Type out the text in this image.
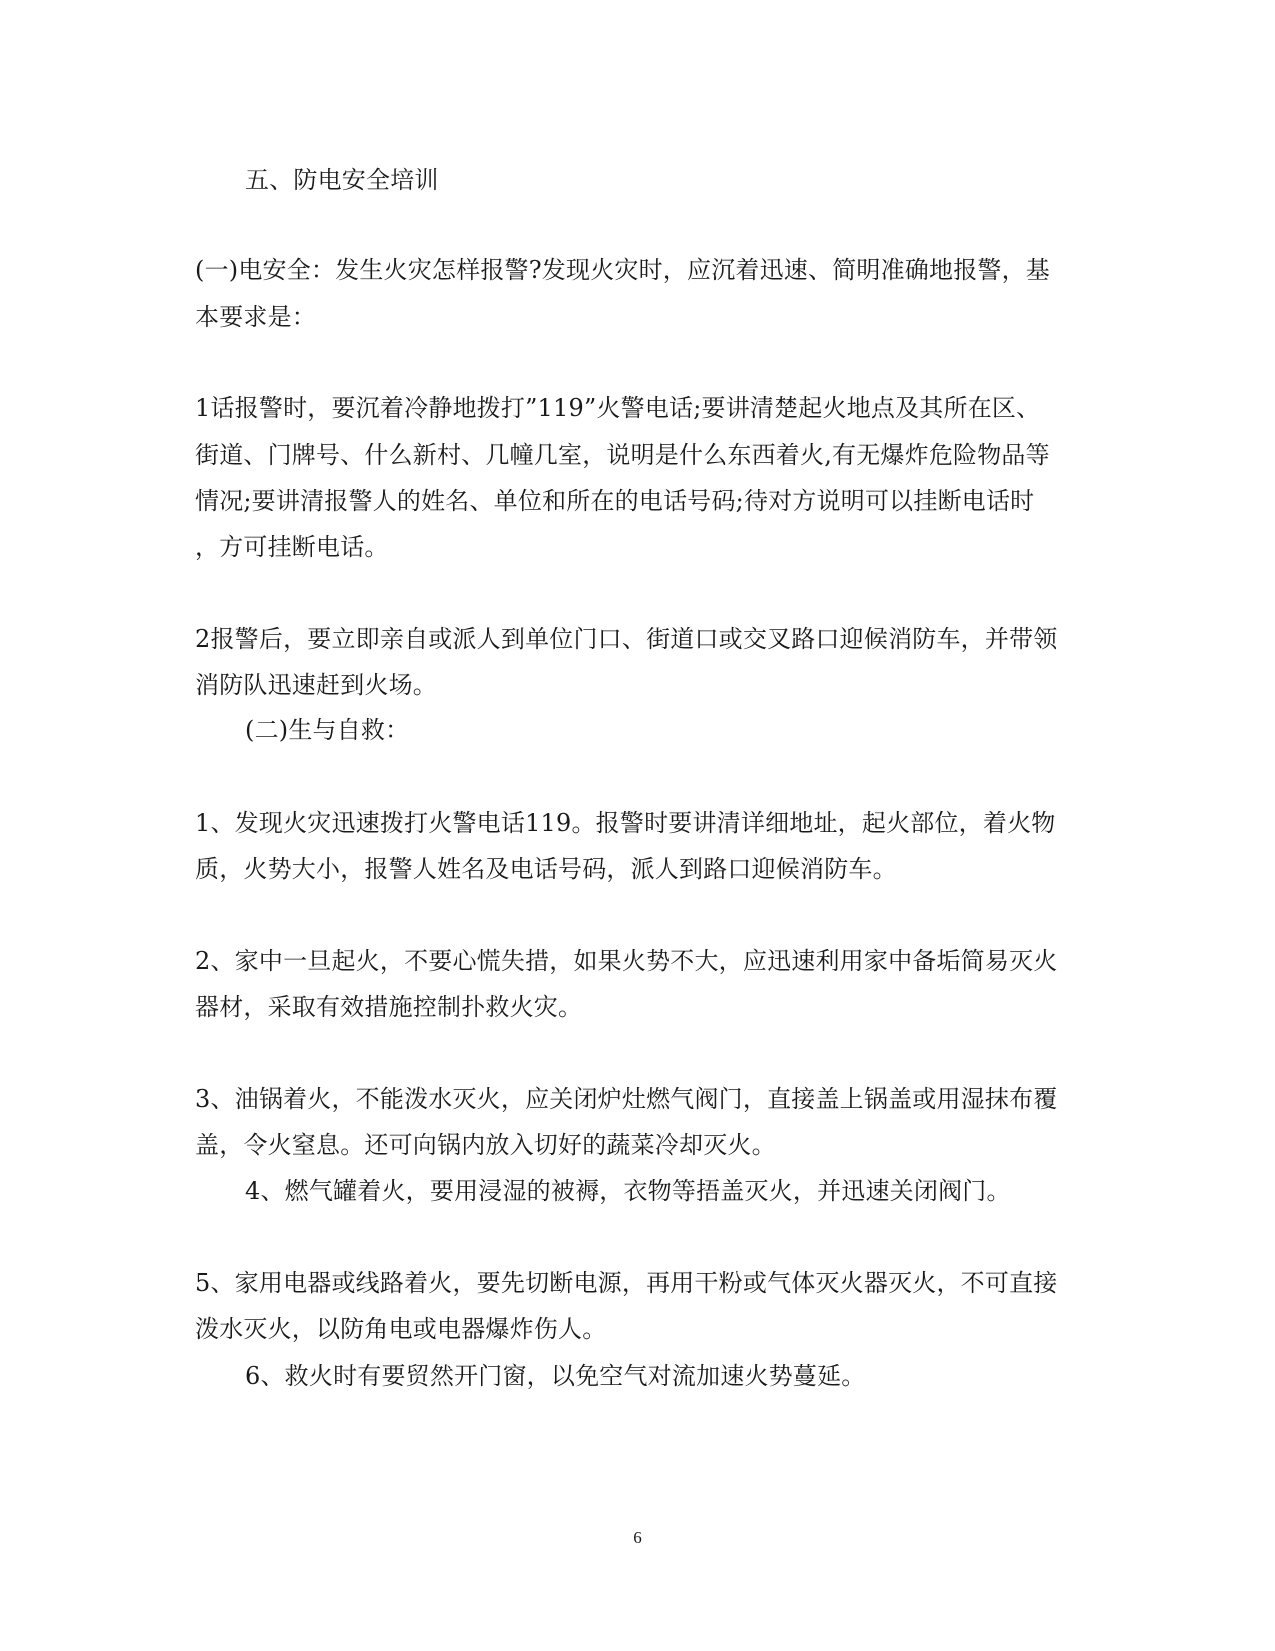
五、防电安全培训

(一)电安全：发生火灾怎样报警?发现火灾时，应沉着迅速、简明准确地报警，基

本要求是：

1话报警时，要沉着冷静地拨打”119”火警电话;要讲清楚起火地点及其所在区、

街道、门牌号、什么新村、几幢几室，说明是什么东西着火,有无爆炸危险物品等

情况;要讲清报警人的姓名、单位和所在的电话号码;待对方说明可以挂断电话时

，方可挂断电话。

2报警后，要立即亲自或派人到单位门口、街道口或交叉路口迎候消防车，并带领

消防队迅速赶到火场。

(二)生与自救：

1、发现火灾迅速拨打火警电话119。报警时要讲清详细地址，起火部位，着火物

质，火势大小，报警人姓名及电话号码，派人到路口迎候消防车。

2、家中一旦起火，不要心慌失措，如果火势不大，应迅速利用家中备垢简易灭火

器材，采取有效措施控制扑救火灾。

3、油锅着火，不能泼水灭火，应关闭炉灶燃气阀门，直接盖上锅盖或用湿抹布覆

盖，令火窒息。还可向锅内放入切好的蔬菜冷却灭火。

4、燃气罐着火，要用浸湿的被褥，衣物等捂盖灭火，并迅速关闭阀门。

5、家用电器或线路着火，要先切断电源，再用干粉或气体灭火器灭火，不可直接

泼水灭火，以防角电或电器爆炸伤人。

6、救火时有要贸然开门窗，以免空气对流加速火势蔓延。

6
